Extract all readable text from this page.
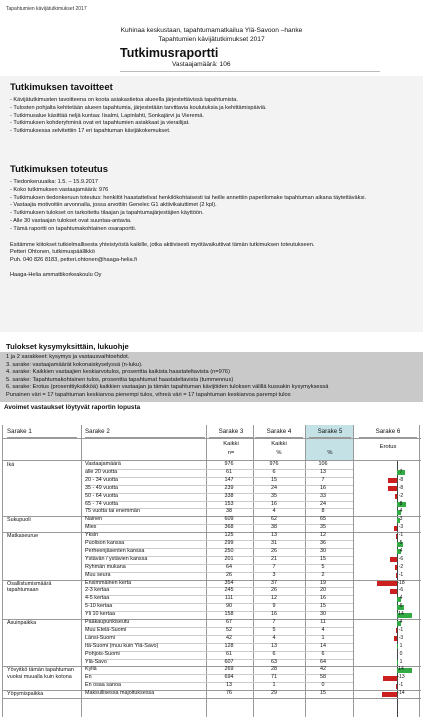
Tapahtumien kävijätutkimukset 2017
Kuhinaa keskustaan, tapahtumamatkailua Ylä-Savoon –hanke
Tapahtumien kävijätutkimukset 2017
Tutkimusraportti
Vastaajamäärä: 106
Tutkimuksen tavoitteet

- Kävijätutkimusten tavoitteena on koota asiakastietoa alueella järjestettävissä tapahtumista.

- Tulosten pohjalta kehitetään alueen tapahtumia, järjestetään tarvittavia koulutuksia ja kehittämispäiviä.

- Tutkimusalue käsittää neljä kuntaa: Iisalmi, Lapinlahti, Sonkajärvi ja Vieremä.

- Tutkimuksen kohderyhminä ovat eri tapahtumien asiakkaat ja vierailijat.

- Tutkimuksessa selvitettiin 17 eri tapahtuman kävijäkokemukset.

Tutkimuksen toteutus

- Tiedonkeruuaika: 1.5. – 15.9.2017

- Koko tutkimuksen vastaajamäärä: 976

- Tutkimuksen tiedonkeruun toteutus: henkilöt haastattelivat henkilökohtaisesti tai heille annettiin paperilomake tapahtuman aikana täytettäväksi.

- Vastaajia motivoitiin arvonnalla, jossa arvottiin Genelec G1 aktiivikaiuttimet (2 kpl).

- Tutkimuksen tulokset on tarkoitettu tilaajan ja tapahtumajärjestäjien käyttöön.

- Alle 30 vastaajan tulokset ovat suuntaa-antavia.

- Tämä raportti on tapahtumakohtainen osaraportti.

Esitämme kiitokset tutkielmallisesta yhteistyöstä kaikille, jotka aktiivisesti myötävaikuttivat tämän tutkimuksen toteutukseen.

Petteri Ohtonen, tutkimuspäällikkö

Puh. 040 826 8183, petteri.ohtonen@haaga-helia.fi

Haaga-Helia ammattikorkeakoulu Oy

Tulokset kysymyksittäin, lukuohje
1 ja 2 sarakkeet: kysymys ja vastausvaihtoehdot.
3. sarake: vastaajamäärät kokonaiskyselyssä (n-luku).
4. sarake: Kaikkien vastaajien keskiarvotulos, prosenttia kaikista haastateltavista (n=976)
5. sarake: Tapahtumakohtainen tulos, prosenttia tapahtumat haastateltavista (tummennus)
6. sarake: Erotus (prosenttiyksikköä) kaikkien vastaajan ja tämän tapahtuman kävijöiden tuloksen välillä kussakin kysymyksessä
Punainen väri = 17 tapahtuman keskiarvoa pienempi tulos, vihreä väri = 17 tapahtuman keskiarvoa parempi tulos
Avoimet vastaukset löytyvät raportin lopusta
Sarake 1	Sarake 2	Sarake 3	Sarake 4	Sarake 5	Sarake 6
Kaikki	Kaikki	Erotus
n=	%	%
Ikä	Vastaajamäärä	976	976	106
alle 20 vuotta	61	6	13	7
20 - 34 vuotta	147	15	7	-8
35 - 49 vuotta	239	24	16	-8
50 - 64 vuotta	338	35	33	-2
65 - 74 vuotta	153	16	24	8
75 vuotta tai enemmän	38	4	8	4
Sukupuoli	Nainen	609	62	65	3
Mies	368	38	35	-3
Matkaseurue	Yksin	125	13	12	-1
Puolison kanssa	299	31	36	5
Perheenjäsenten kanssa	250	26	30	4
Ystävän / ystävien kanssa	201	21	15	-6
Ryhmän mukana	64	7	5	-2
Muu seura	26	3	2	-1
Osallistumismäärä tapahtumaan
Ensimmäinen kerta	354	37	19	-18
2-3 kertaa	245	26	20	-6
4-5 kertaa	111	12	16	4
5-10 kertaa	90	9	15	6
Yli 10 kertaa	158	16	30	14
Asuinpaikka	Pääkaupunkiseutu	67	7	11	4
Muu Etelä-Suomi	52	5	4	-1
Länsi-Suomi	42	4	1	-3
Itä-Suomi (muu kuin Ylä-Savo)	128	13	14	1
Pohjois-Suomi	61	6	6	0
Ylä-Savo	607	63	64	1
Yövyitkö tämän tapahtuman vuoksi muualla kuin kotona
Kyllä	269	28	42	14
En	694	71	58	-13
En osaa sanoa	13	1	0	-1
Yöpymispaikka	Maksullisessa majoituksessa	76	29	15	-14
